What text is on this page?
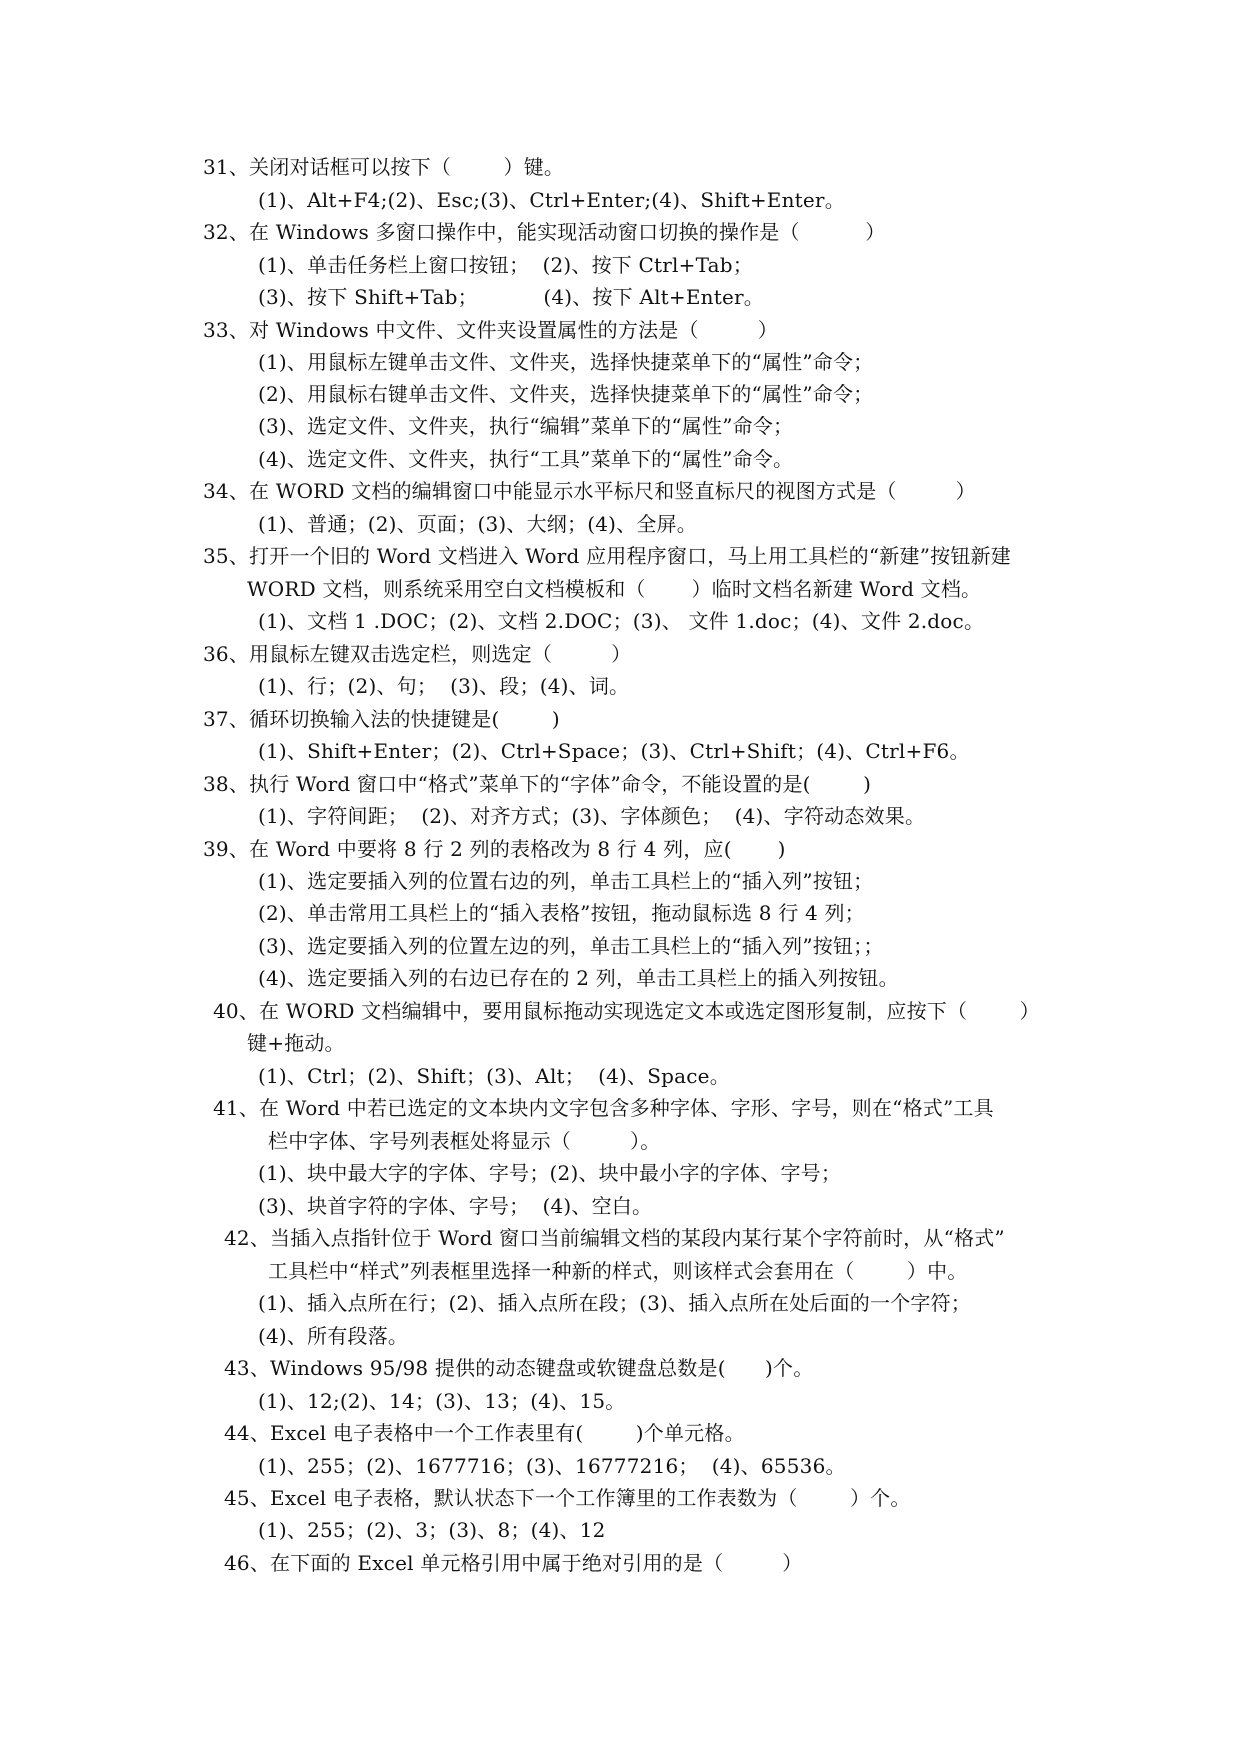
31、关闭对话框可以按下（        ）键。
(1)、Alt+F4;(2)、Esc;(3)、Ctrl+Enter;(4)、Shift+Enter。
32、在 Windows 多窗口操作中，能实现活动窗口切换的操作是（          ）
(1)、单击任务栏上窗口按钮；  (2)、按下 Ctrl+Tab；
(3)、按下 Shift+Tab；          (4)、按下 Alt+Enter。
33、对 Windows 中文件、文件夹设置属性的方法是（         ）
(1)、用鼠标左键单击文件、文件夹，选择快捷菜单下的“属性”命令；
(2)、用鼠标右键单击文件、文件夹，选择快捷菜单下的“属性”命令；
(3)、选定文件、文件夹，执行“编辑”菜单下的“属性”命令；
(4)、选定文件、文件夹，执行“工具”菜单下的“属性”命令。
34、在 WORD 文档的编辑窗口中能显示水平标尺和竖直标尺的视图方式是（         ）
(1)、普通；(2)、页面；(3)、大纲；(4)、全屏。
35、打开一个旧的 Word 文档进入 Word 应用程序窗口，马上用工具栏的“新建”按钮新建
WORD 文档，则系统采用空白文档模板和（       ）临时文档名新建 Word 文档。
(1)、文档 1 .DOC；(2)、文档 2.DOC；(3)、 文件 1.doc；(4)、文件 2.doc。
36、用鼠标左键双击选定栏，则选定（         ）
(1)、行；(2)、句；  (3)、段；(4)、词。
37、循环切换输入法的快捷键是(        )
(1)、Shift+Enter；(2)、Ctrl+Space；(3)、Ctrl+Shift；(4)、Ctrl+F6。
38、执行 Word 窗口中“格式”菜单下的“字体”命令，不能设置的是(        )
(1)、字符间距；  (2)、对齐方式；(3)、字体颜色；  (4)、字符动态效果。
39、在 Word 中要将 8 行 2 列的表格改为 8 行 4 列，应(       )
(1)、选定要插入列的位置右边的列，单击工具栏上的“插入列”按钮；
(2)、单击常用工具栏上的“插入表格”按钮，拖动鼠标选 8 行 4 列；
(3)、选定要插入列的位置左边的列，单击工具栏上的“插入列”按钮；；
(4)、选定要插入列的右边已存在的 2 列，单击工具栏上的插入列按钮。
40、在 WORD 文档编辑中，要用鼠标拖动实现选定文本或选定图形复制，应按下（        ）
键+拖动。
(1)、Ctrl；(2)、Shift；(3)、Alt；  (4)、Space。
41、在 Word 中若已选定的文本块内文字包含多种字体、字形、字号，则在“格式”工具
栏中字体、字号列表框处将显示（         ）。
(1)、块中最大字的字体、字号；(2)、块中最小字的字体、字号；
(3)、块首字符的字体、字号；  (4)、空白。
42、当插入点指针位于 Word 窗口当前编辑文档的某段内某行某个字符前时，从“格式”
工具栏中“样式”列表框里选择一种新的样式，则该样式会套用在（        ）中。
(1)、插入点所在行；(2)、插入点所在段；(3)、插入点所在处后面的一个字符；
(4)、所有段落。
43、Windows 95/98 提供的动态键盘或软键盘总数是(      )个。
(1)、12;(2)、14；(3)、13；(4)、15。
44、Excel 电子表格中一个工作表里有(        )个单元格。
(1)、255；(2)、1677716；(3)、16777216；  (4)、65536。
45、Excel 电子表格，默认状态下一个工作簿里的工作表数为（        ）个。
(1)、255；(2)、3；(3)、8；(4)、12
46、在下面的 Excel 单元格引用中属于绝对引用的是（         ）
